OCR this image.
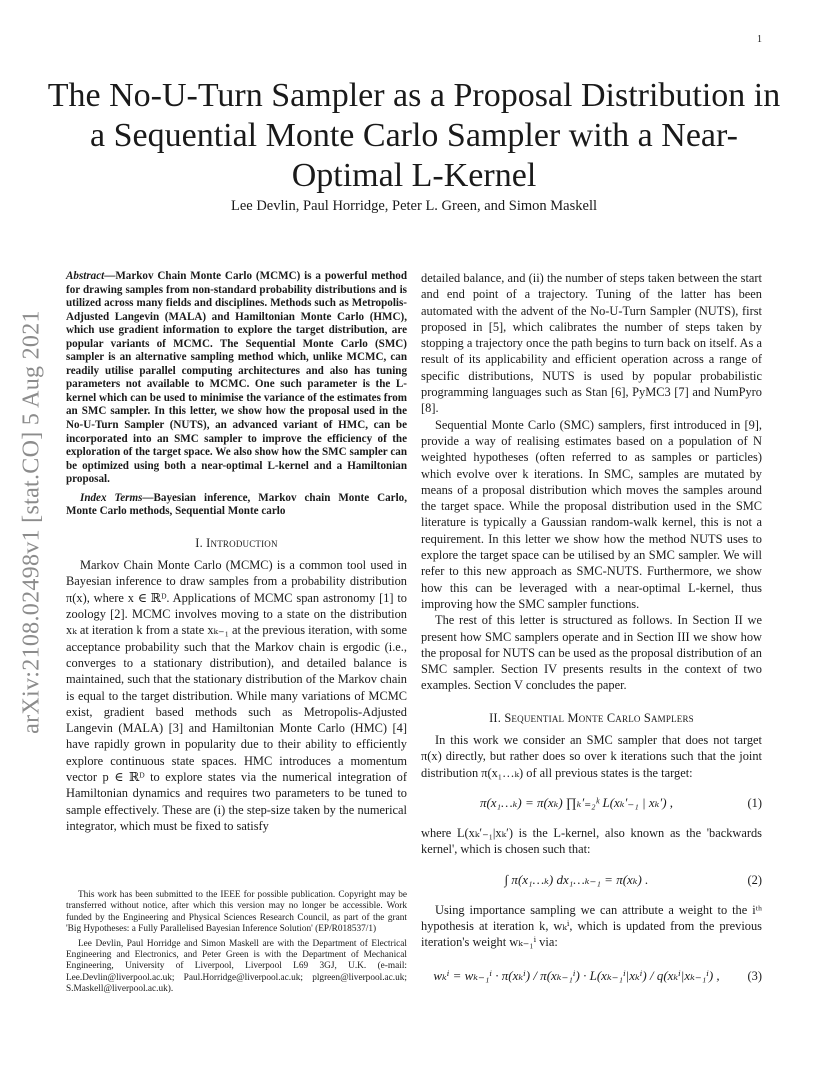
1
The No-U-Turn Sampler as a Proposal Distribution in a Sequential Monte Carlo Sampler with a Near-Optimal L-Kernel
Lee Devlin, Paul Horridge, Peter L. Green, and Simon Maskell
arXiv:2108.02498v1 [stat.CO] 5 Aug 2021

Abstract—Markov Chain Monte Carlo (MCMC) is a powerful method for drawing samples from non-standard probability distributions and is utilized across many fields and disciplines. Methods such as Metropolis-Adjusted Langevin (MALA) and Hamiltonian Monte Carlo (HMC), which use gradient information to explore the target distribution, are popular variants of MCMC. The Sequential Monte Carlo (SMC) sampler is an alternative sampling method which, unlike MCMC, can readily utilise parallel computing architectures and also has tuning parameters not available to MCMC. One such parameter is the L-kernel which can be used to minimise the variance of the estimates from an SMC sampler. In this letter, we show how the proposal used in the No-U-Turn Sampler (NUTS), an advanced variant of HMC, can be incorporated into an SMC sampler to improve the efficiency of the exploration of the target space. We also show how the SMC sampler can be optimized using both a near-optimal L-kernel and a Hamiltonian proposal.

Index Terms—Bayesian inference, Markov chain Monte Carlo, Monte Carlo methods, Sequential Monte carlo

I. Introduction

Markov Chain Monte Carlo (MCMC) is a common tool used in Bayesian inference to draw samples from a probability distribution π(x), where x ∈ ℝᴰ. Applications of MCMC span astronomy [1] to zoology [2]. MCMC involves moving to a state on the distribution xₖ at iteration k from a state xₖ₋₁ at the previous iteration, with some acceptance probability such that the Markov chain is ergodic (i.e., converges to a stationary distribution), and detailed balance is maintained, such that the stationary distribution of the Markov chain is equal to the target distribution. While many variations of MCMC exist, gradient based methods such as Metropolis-Adjusted Langevin (MALA) [3] and Hamiltonian Monte Carlo (HMC) [4] have rapidly grown in popularity due to their ability to efficiently explore continuous state spaces. HMC introduces a momentum vector p ∈ ℝᴰ to explore states via the numerical integration of Hamiltonian dynamics and requires two parameters to be tuned to sample effectively. These are (i) the step-size taken by the numerical integrator, which must be fixed to satisfy

detailed balance, and (ii) the number of steps taken between the start and end point of a trajectory. Tuning of the latter has been automated with the advent of the No-U-Turn Sampler (NUTS), first proposed in [5], which calibrates the number of steps taken by stopping a trajectory once the path begins to turn back on itself. As a result of its applicability and efficient operation across a range of specific distributions, NUTS is used by popular probabilistic programming languages such as Stan [6], PyMC3 [7] and NumPyro [8].

Sequential Monte Carlo (SMC) samplers, first introduced in [9], provide a way of realising estimates based on a population of N weighted hypotheses (often referred to as samples or particles) which evolve over k iterations. In SMC, samples are mutated by means of a proposal distribution which moves the samples around the target space. While the proposal distribution used in the SMC literature is typically a Gaussian random-walk kernel, this is not a requirement. In this letter we show how the method NUTS uses to explore the target space can be utilised by an SMC sampler. We will refer to this new approach as SMC-NUTS. Furthermore, we show how this can be leveraged with a near-optimal L-kernel, thus improving how the SMC sampler functions.

The rest of this letter is structured as follows. In Section II we present how SMC samplers operate and in Section III we show how the proposal for NUTS can be used as the proposal distribution of an SMC sampler. Section IV presents results in the context of two examples. Section V concludes the paper.

II. Sequential Monte Carlo Samplers

In this work we consider an SMC sampler that does not target π(x) directly, but rather does so over k iterations such that the joint distribution π(x₁…ₖ) of all previous states is the target:

π(x₁…ₖ) = π(xₖ) ∏ₖ′₌₂ᵏ L(xₖ′₋₁ | xₖ′) ,	(1)

where L(xₖ′₋₁|xₖ′) is the L-kernel, also known as the 'backwards kernel', which is chosen such that:

∫ π(x₁…ₖ) dx₁…ₖ₋₁ = π(xₖ) .	(2)

Using importance sampling we can attribute a weight to the iᵗʰ hypothesis at iteration k, wₖⁱ, which is updated from the previous iteration's weight wₖ₋₁ⁱ via:

wₖⁱ = wₖ₋₁ⁱ · π(xₖⁱ) / π(xₖ₋₁ⁱ) · L(xₖ₋₁ⁱ|xₖⁱ) / q(xₖⁱ|xₖ₋₁ⁱ) ,	(3)

This work has been submitted to the IEEE for possible publication. Copyright may be transferred without notice, after which this version may no longer be accessible. Work funded by the Engineering and Physical Sciences Research Council, as part of the grant 'Big Hypotheses: a Fully Parallelised Bayesian Inference Solution' (EP/R018537/1)

Lee Devlin, Paul Horridge and Simon Maskell are with the Department of Electrical Engineering and Electronics, and Peter Green is with the Department of Mechanical Engineering, University of Liverpool, Liverpool L69 3GJ, U.K. (e-mail: Lee.Devlin@liverpool.ac.uk; Paul.Horridge@liverpool.ac.uk; plgreen@liverpool.ac.uk; S.Maskell@liverpool.ac.uk).
